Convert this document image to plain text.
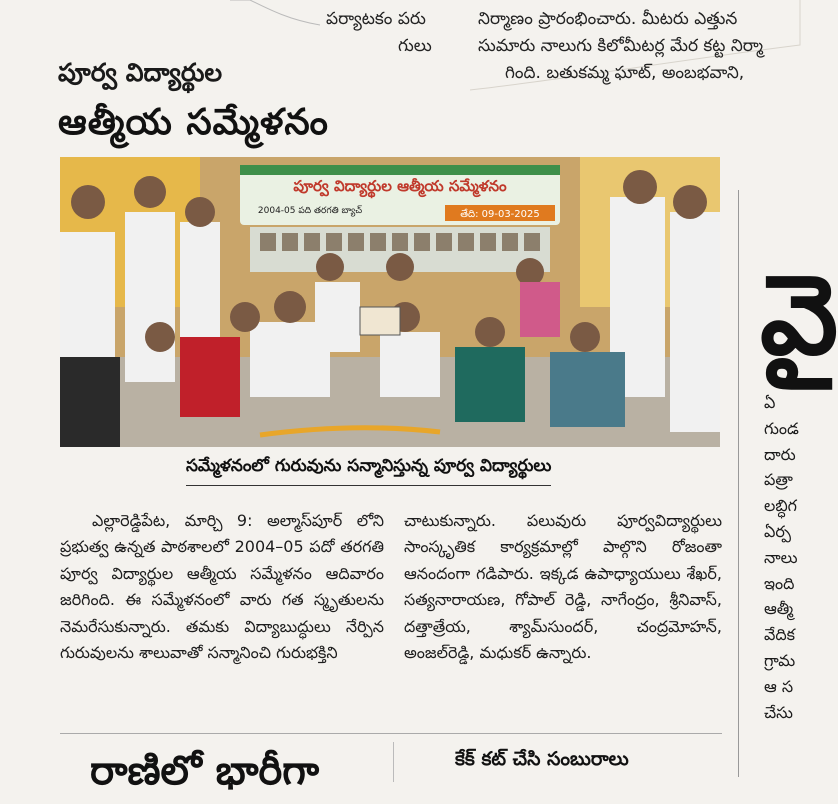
పర్యాటకం పరు
గులు
నిర్మాణం ప్రారంభించారు. మీటరు ఎత్తున
సుమారు నాలుగు కిలోమీటర్ల మేర కట్ట నిర్మా
గింది. బతుకమ్మ ఘాట్, అంబభవాని,
పూర్వ విద్యార్థుల
ఆత్మీయ సమ్మేళనం
పూర్వ విద్యార్థుల ఆత్మీయ సమ్మేళనం
2004-05 పది తరగతి బ్యాచ్	తేది: 09-03-2025
సమ్మేళనంలో గురువును సన్మానిస్తున్న పూర్వ విద్యార్థులు

ఎల్లారెడ్డిపేట, మార్చి 9: అల్మాస్‌పూర్‌ లోని ప్రభుత్వ ఉన్నత పాఠశాలలో 2004–05 పదో తరగతి పూర్వ విద్యార్థుల ఆత్మీయ సమ్మేళనం ఆదివారం జరిగింది. ఈ సమ్మేళనంలో వారు గత స్మృతులను నెమరేసుకున్నారు. తమకు విద్యాబుద్ధులు నేర్పిన గురువులను శాలువాతో సన్మానించి గురుభక్తిని

చాటుకున్నారు. పలువురు పూర్వవిద్యార్థులు సాంస్కృతిక కార్యక్రమాల్లో పాల్గొని రోజంతా ఆనందంగా గడిపారు. ఇక్కడ ఉపాధ్యాయులు శేఖర్‌, సత్యనారాయణ, గోపాల్‌ రెడ్డి, నాగేంద్రం, శ్రీనివాస్‌, దత్తాత్రేయ, శ్యామ్‌సుందర్‌, చంద్రమోహన్‌, అంజల్‌రెడ్డి, మధుకర్‌ ఉన్నారు.

రాణిలో భారీగా	కేక్‌ కట్‌ చేసి సంబురాలు
వై
ఏ
గుండ
దారు
పత్రా
లబ్ధిగ
ఏర్ప
నాలు
ఇంది
ఆత్మీ
వేదిక
గ్రామ
ఆ స
చేసు
